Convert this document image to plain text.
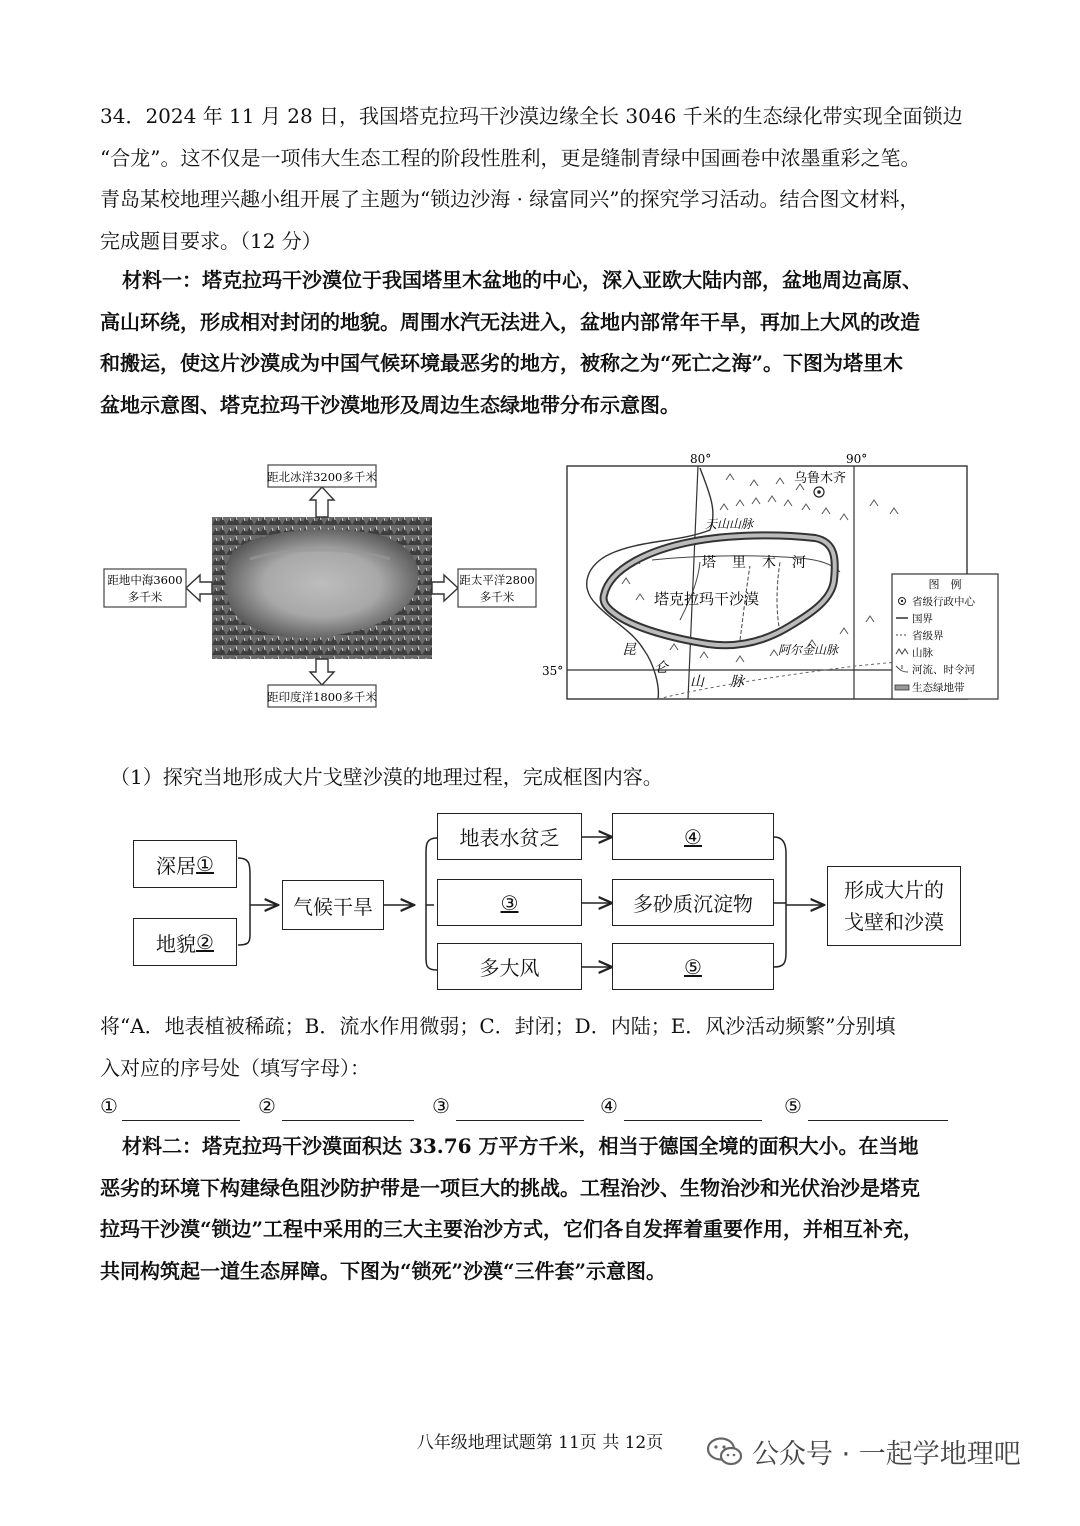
34．2024 年 11 月 28 日，我国塔克拉玛干沙漠边缘全长 3046 千米的生态绿化带实现全面锁边
“合龙”。这不仅是一项伟大生态工程的阶段性胜利，更是缝制青绿中国画卷中浓墨重彩之笔。
青岛某校地理兴趣小组开展了主题为“锁边沙海 · 绿富同兴”的探究学习活动。结合图文材料，
完成题目要求。（12 分）

材料一：塔克拉玛干沙漠位于我国塔里木盆地的中心，深入亚欧大陆内部，盆地周边高原、
高山环绕，形成相对封闭的地貌。周围水汽无法进入，盆地内部常年干旱，再加上大风的改造
和搬运，使这片沙漠成为中国气候环境最恶劣的地方，被称之为“死亡之海”。下图为塔里木
盆地示意图、塔克拉玛干沙漠地形及周边生态绿地带分布示意图。

距北冰洋3200多千米
距地中海3600
多千米
距太平洋2800
多千米
距印度洋1800多千米
80°	90°
35°
乌鲁木齐
天山山脉
塔 里 木 河
塔克拉玛干沙漠
阿尔金山脉
昆
仑
山 脉
图　例
省级行政中心
国界
省级界
山脉
河流、时令河
生态绿地带

（1）探究当地形成大片戈壁沙漠的地理过程，完成框图内容。

深居 ①
地貌 ②
气候干旱
地表水贫乏
③
多大风
④
多砂质沉淀物
⑤
形成大片的
戈壁和沙漠

将“A．地表植被稀疏；B．流水作用微弱；C．封闭；D．内陆；E．风沙活动频繁”分别填
入对应的序号处（填写字母）：

①	②	③	④	⑤

材料二：塔克拉玛干沙漠面积达 33.76 万平方千米，相当于德国全境的面积大小。在当地
恶劣的环境下构建绿色阻沙防护带是一项巨大的挑战。工程治沙、生物治沙和光伏治沙是塔克
拉玛干沙漠“锁边”工程中采用的三大主要治沙方式，它们各自发挥着重要作用，并相互补充，
共同构筑起一道生态屏障。下图为“锁死”沙漠“三件套”示意图。

八年级地理试题第 11页 共 12页	公众号 · 一起学地理吧
